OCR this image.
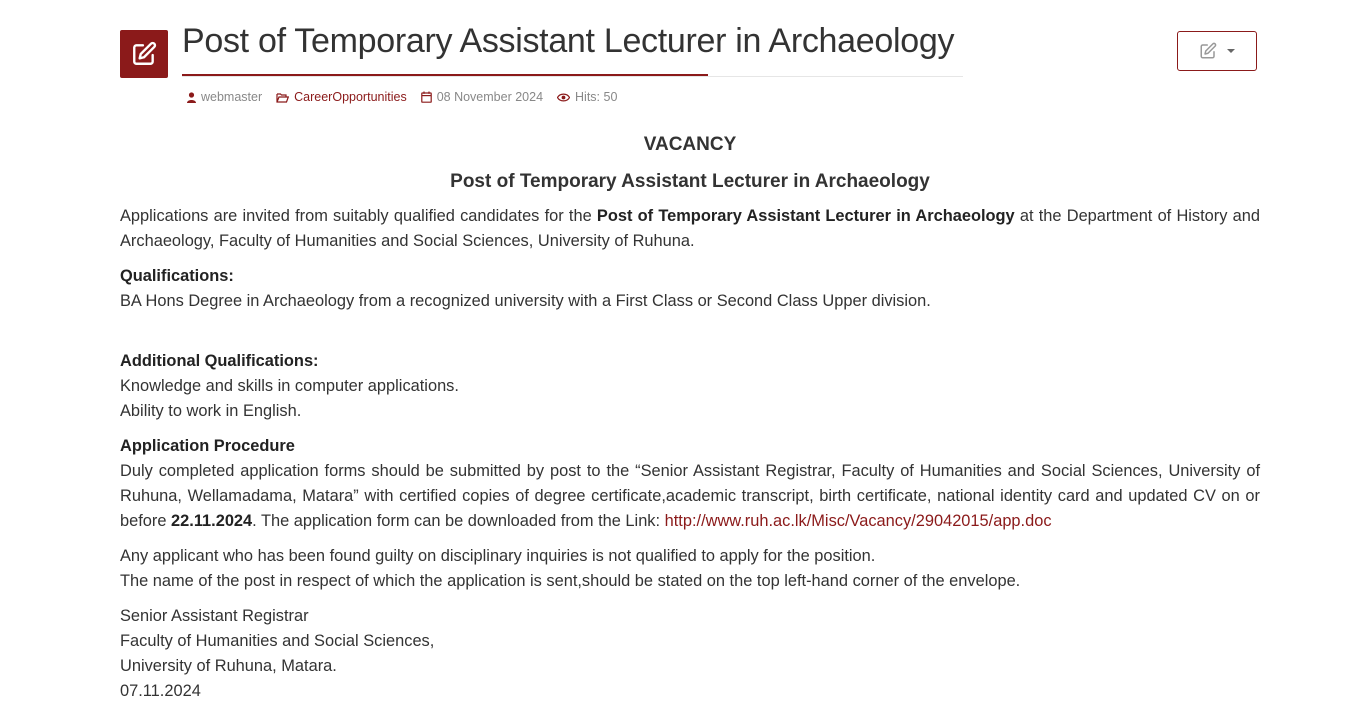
Post of Temporary Assistant Lecturer in Archaeology
webmaster	CareerOpportunities 08 November 2024	Hits: 50

VACANCY

Post of Temporary Assistant Lecturer in Archaeology

Applications are invited from suitably qualified candidates for the Post of Temporary Assistant Lecturer in Archaeology at the Department of History and Archaeology, Faculty of Humanities and Social Sciences, University of Ruhuna.

Qualifications:
BA Hons Degree in Archaeology from a recognized university with a First Class or Second Class Upper division.

Additional Qualifications:
Knowledge and skills in computer applications.
Ability to work in English.

Application Procedure
Duly completed application forms should be submitted by post to the “Senior Assistant Registrar, Faculty of Humanities and Social Sciences, University of Ruhuna, Wellamadama, Matara” with certified copies of degree certificate,academic transcript, birth certificate, national identity card and updated CV on or before 22.11.2024. The application form can be downloaded from the Link: http://www.ruh.ac.lk/Misc/Vacancy/29042015/app.doc

Any applicant who has been found guilty on disciplinary inquiries is not qualified to apply for the position.
The name of the post in respect of which the application is sent,should be stated on the top left-hand corner of the envelope.

Senior Assistant Registrar
Faculty of Humanities and Social Sciences,
University of Ruhuna, Matara.
07.11.2024
